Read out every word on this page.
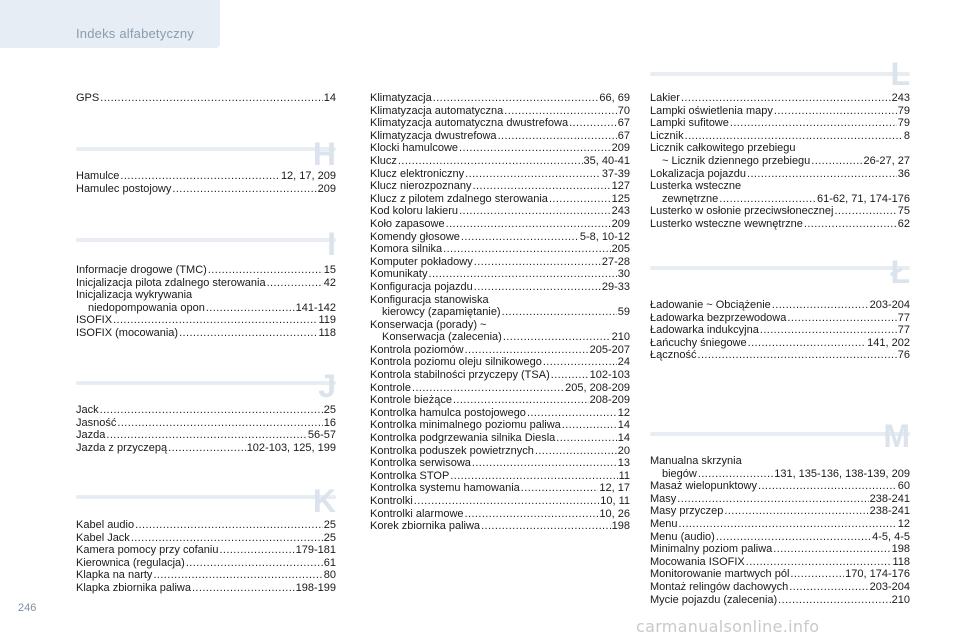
Indeks alfabetyczny
GPS .....	14
H
Hamulce .....	12, 17, 209
Hamulec postojowy .....	209
I
Informacje drogowe (TMC) .....	15
Inicjalizacja pilota zdalnego sterowania .....	42
Inicjalizacja wykrywania
niedopompowania opon .....	141-142
ISOFIX .....	119
ISOFIX (mocowania) .....	118
J
Jack .....	25
Jasność .....	16
Jazda .....	56-57
Jazda z przyczepą .....	102-103, 125, 199
K
Kabel audio .....	25
Kabel Jack .....	25
Kamera pomocy przy cofaniu .....	179-181
Kierownica (regulacja) .....	61
Klapka na narty .....	80
Klapka zbiornika paliwa .....	198-199
Klimatyzacja .....	66, 69
Klimatyzacja automatyczna .....	70
Klimatyzacja automatyczna dwustrefowa .....	67
Klimatyzacja dwustrefowa .....	67
Klocki hamulcowe .....	209
Klucz .....	35, 40-41
Klucz elektroniczny .....	37-39
Klucz nierozpoznany .....	127
Klucz z pilotem zdalnego sterowania .....	125
Kod koloru lakieru .....	243
Koło zapasowe .....	209
Komendy głosowe .....	5-8, 10-12
Komora silnika .....	205
Komputer pokładowy .....	27-28
Komunikaty .....	30
Konfiguracja pojazdu .....	29-33
Konfiguracja stanowiska
kierowcy (zapamiętanie) .....	59
Konserwacja (porady) ~
Konserwacja (zalecenia) .....	210
Kontrola poziomów .....	205-207
Kontrola poziomu oleju silnikowego .....	24
Kontrola stabilności przyczepy (TSA) .....	102-103
Kontrole .....	205, 208-209
Kontrole bieżące .....	208-209
Kontrolka hamulca postojowego .....	12
Kontrolka minimalnego poziomu paliwa .....	14
Kontrolka podgrzewania silnika Diesla .....	14
Kontrolka poduszek powietrznych .....	20
Kontrolka serwisowa .....	13
Kontrolka STOP .....	11
Kontrolka systemu hamowania .....	12, 17
Kontrolki .....	10, 11
Kontrolki alarmowe .....	10, 26
Korek zbiornika paliwa .....	198
L
Lakier .....	243
Lampki oświetlenia mapy .....	79
Lampki sufitowe .....	79
Licznik .....	8
Licznik całkowitego przebiegu
~ Licznik dziennego przebiegu .....	26-27, 27
Lokalizacja pojazdu .....	36
Lusterka wsteczne
zewnętrzne .....	61-62, 71, 174-176
Lusterko w osłonie przeciwsłonecznej .....	75
Lusterko wsteczne wewnętrzne .....	62
Ł
Ładowanie ~ Obciążenie .....	203-204
Ładowarka bezprzewodowa .....	77
Ładowarka indukcyjna .....	77
Łańcuchy śniegowe .....	141, 202
Łączność .....	76
M
Manualna skrzynia
biegów .....	131, 135-136, 138-139, 209
Masaż wielopunktowy .....	60
Masy .....	238-241
Masy przyczep .....	238-241
Menu .....	12
Menu (audio) .....	4-5, 4-5
Minimalny poziom paliwa .....	198
Mocowania ISOFIX .....	118
Monitorowanie martwych pól .....	170, 174-176
Montaż relingów dachowych .....	203-204
Mycie pojazdu (zalecenia) .....	210
246
carmanualsonline.info
